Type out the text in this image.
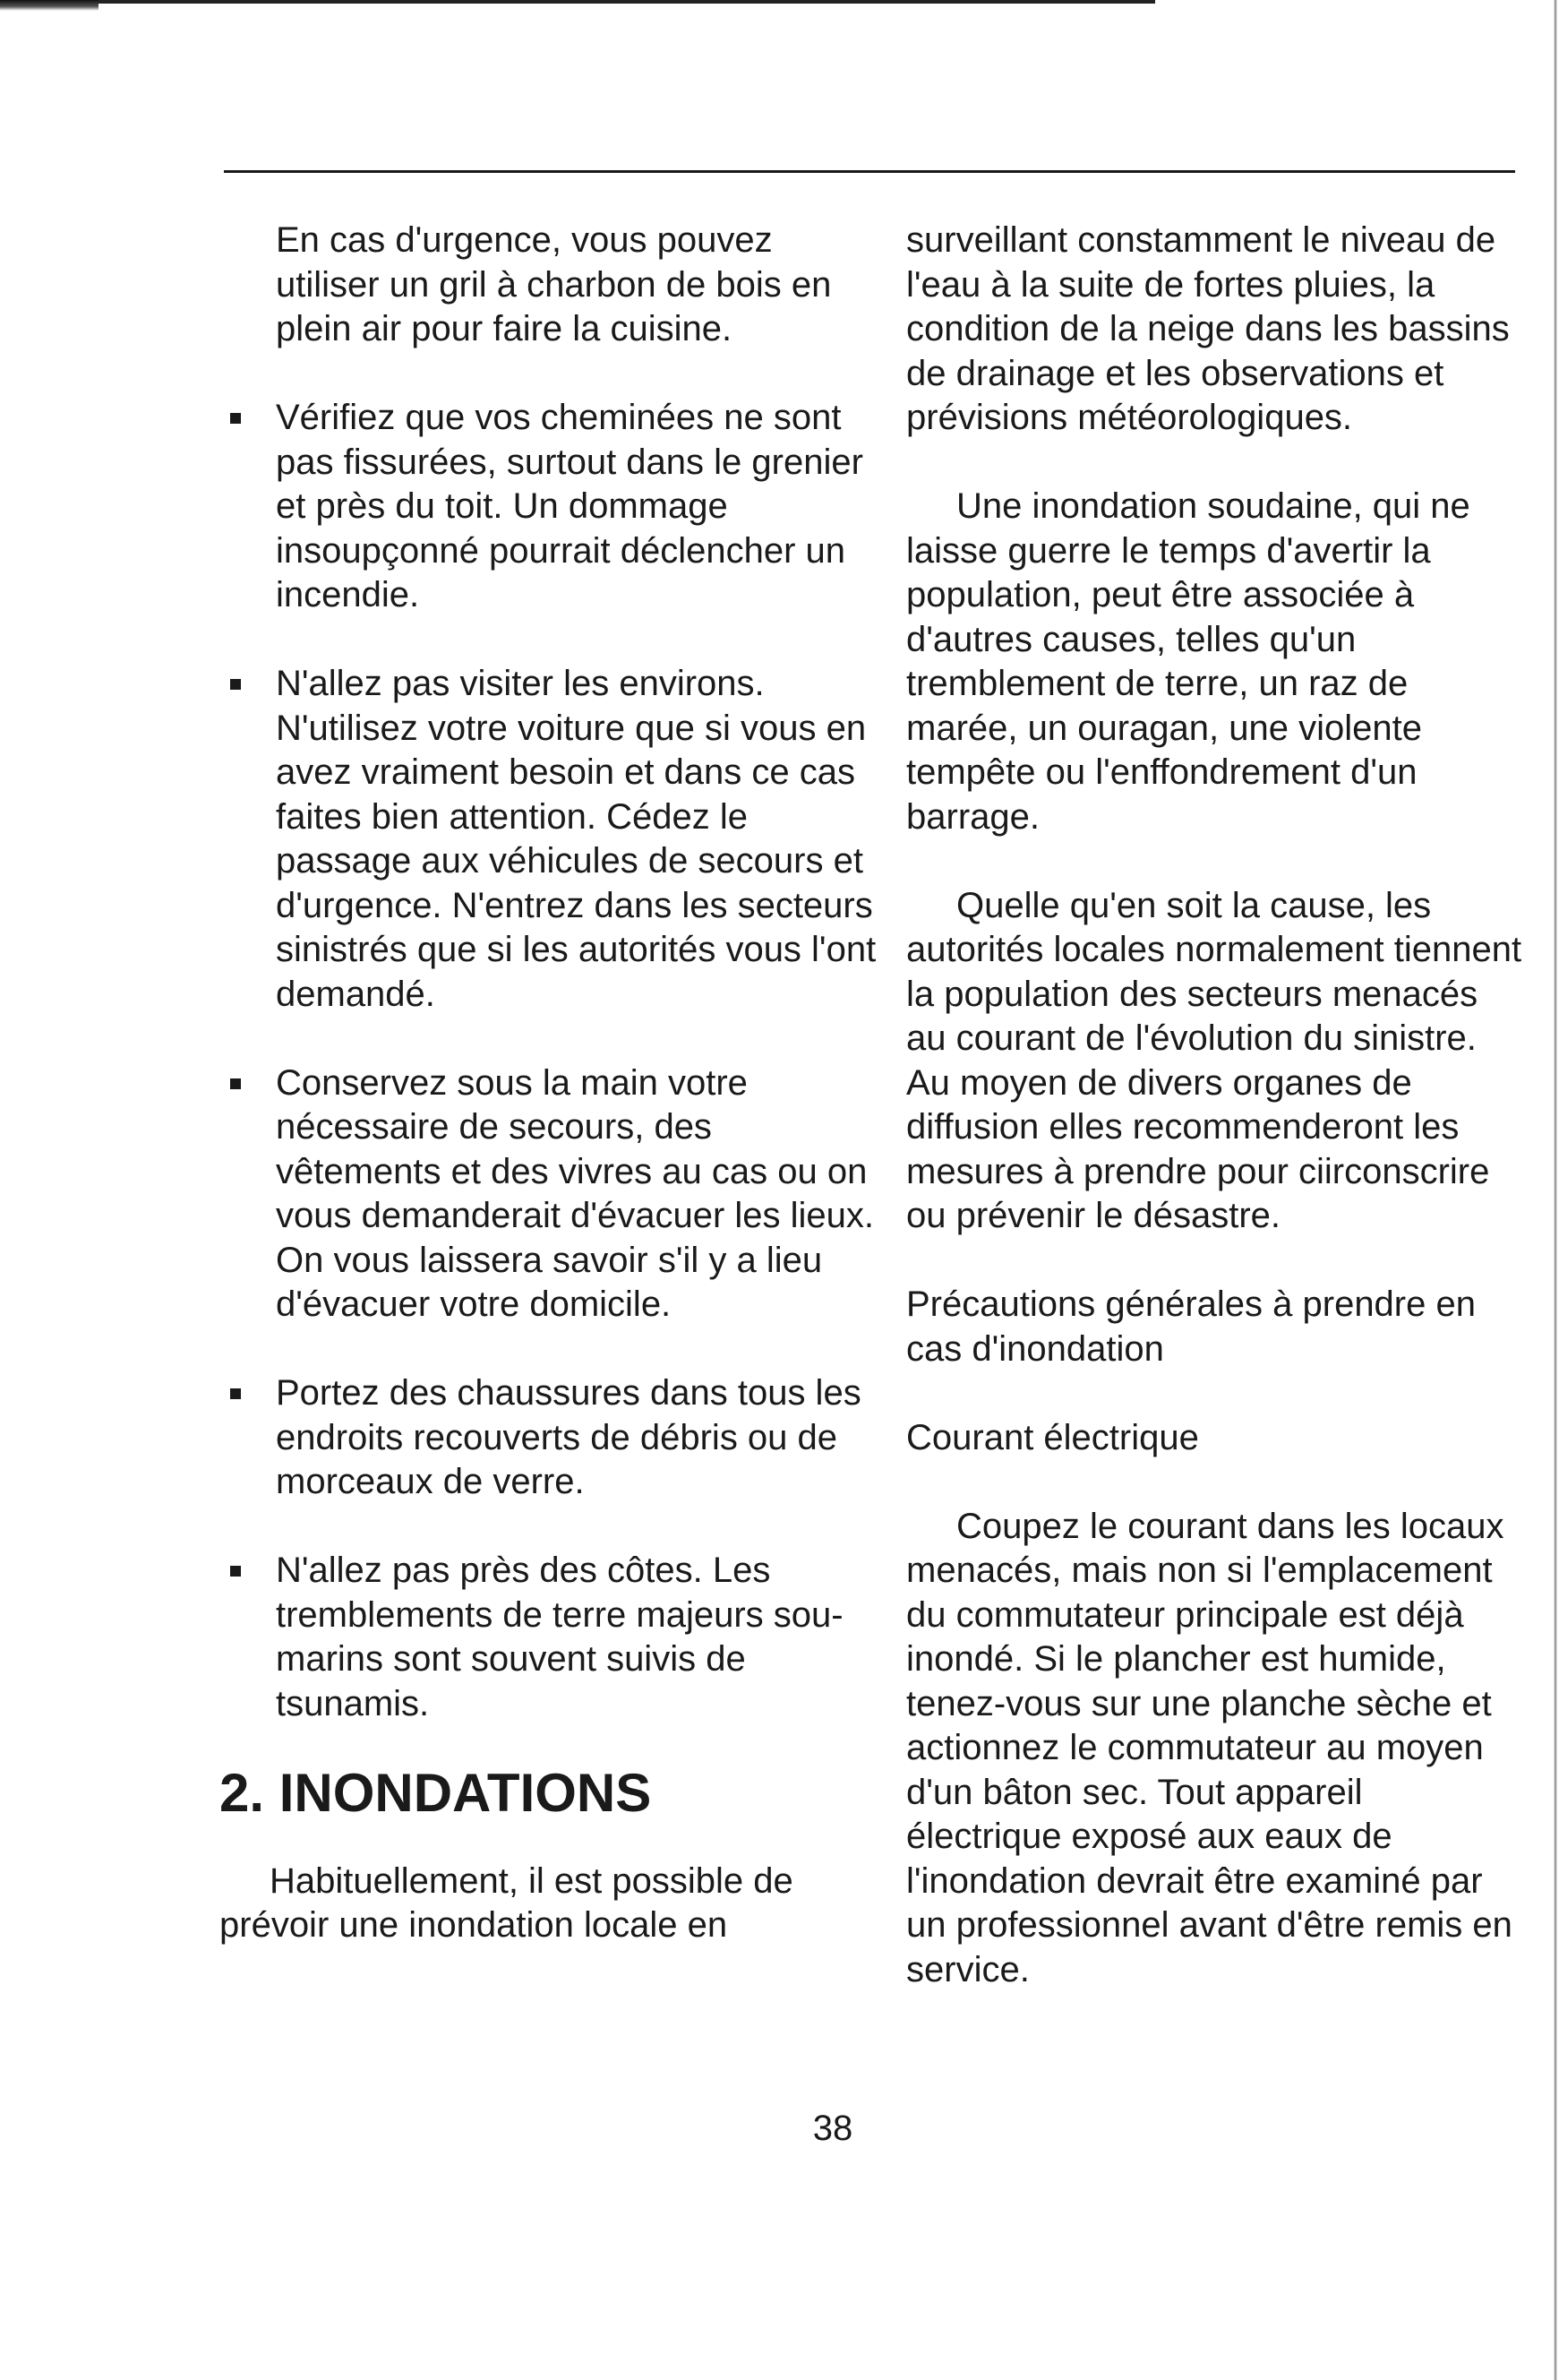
En cas d'urgence, vous pouvez utiliser un gril à charbon de bois en plein air pour faire la cuisine.

Vérifiez que vos cheminées ne sont pas fissurées, surtout dans le grenier et près du toit. Un dommage insoupçonné pourrait déclencher un incendie.

N'allez pas visiter les environs. N'utilisez votre voiture que si vous en avez vraiment besoin et dans ce cas faites bien attention. Cédez le passage aux véhicules de secours et d'urgence. N'entrez dans les secteurs sinistrés que si les autorités vous l'ont demandé.

Conservez sous la main votre nécessaire de secours, des vêtements et des vivres au cas ou on vous demanderait d'évacuer les lieux. On vous laissera savoir s'il y a lieu d'évacuer votre domicile.

Portez des chaussures dans tous les endroits recouverts de débris ou de morceaux de verre.

N'allez pas près des côtes. Les tremblements de terre majeurs sou-marins sont souvent suivis de tsunamis.

2. INONDATIONS

Habituellement, il est possible de prévoir une inondation locale en

surveillant constamment le niveau de l'eau à la suite de fortes pluies, la condition de la neige dans les bassins de drainage et les observations et prévisions météorologiques.

Une inondation soudaine, qui ne laisse guerre le temps d'avertir la population, peut être associée à d'autres causes, telles qu'un tremblement de terre, un raz de marée, un ouragan, une violente tempête ou l'enffondrement d'un barrage.

Quelle qu'en soit la cause, les autorités locales normalement tiennent la population des secteurs menacés au courant de l'évolution du sinistre. Au moyen de divers organes de diffusion elles recommenderont les mesures à prendre pour ciirconscrire ou prévenir le désastre.

Précautions générales à prendre en cas d'inondation

Courant électrique

Coupez le courant dans les locaux menacés, mais non si l'emplacement du commutateur principale est déjà inondé. Si le plancher est humide, tenez-vous sur une planche sèche et actionnez le commutateur au moyen d'un bâton sec. Tout appareil électrique exposé aux eaux de l'inondation devrait être examiné par un professionnel avant d'être remis en service.

38
